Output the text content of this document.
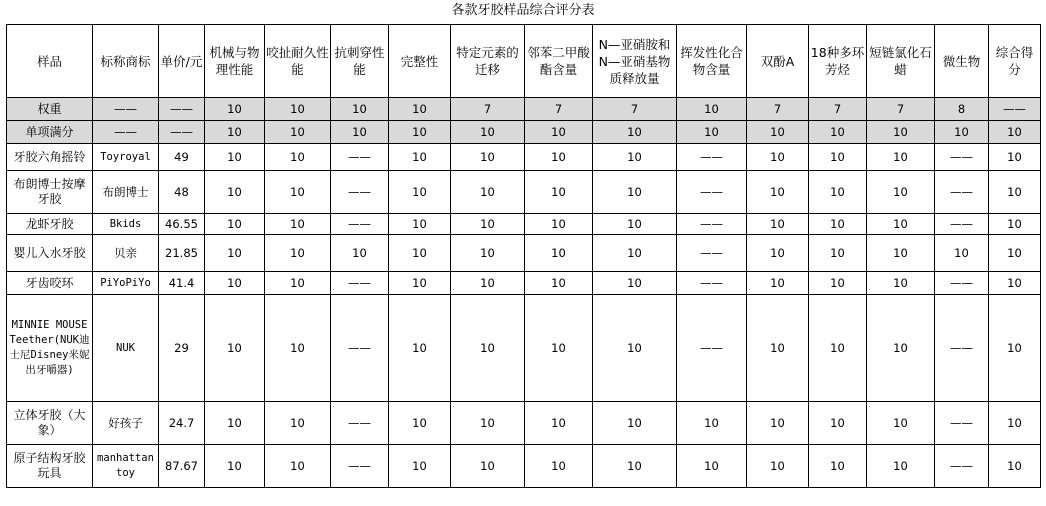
各款牙胶样品综合评分表
样品	标称商标	单价/元	机械与物理性能	咬扯耐久性能	抗刺穿性能	完整性	特定元素的迁移	邻苯二甲酸酯含量	N—亚硝胺和N—亚硝基物质释放量	挥发性化合物含量	双酚A	18种多环芳烃	短链氯化石蜡	微生物	综合得分
权重	——	——	10	10	10	10	7	7	7	10	7	7	7	8	——
单项满分	——	——	10	10	10	10	10	10	10	10	10	10	10	10	10
牙胶六角摇铃	Toyroyal	49	10	10	——	10	10	10	10	——	10	10	10	——	10
布朗博士按摩牙胶	布朗博士	48	10	10	——	10	10	10	10	——	10	10	10	——	10
龙虾牙胶	Bkids	46.55	10	10	——	10	10	10	10	——	10	10	10	——	10
婴儿入水牙胶	贝亲	21.85	10	10	10	10	10	10	10	——	10	10	10	10	10
牙齿咬环	PiYoPiYo	41.4	10	10	——	10	10	10	10	——	10	10	10	——	10
MINNIE MOUSE Teether(NUK迪士尼Disney米妮出牙嚼器)	NUK	29	10	10	——	10	10	10	10	——	10	10	10	——	10
立体牙胶（大象）	好孩子	24.7	10	10	——	10	10	10	10	10	10	10	10	——	10
原子结构牙胶玩具	manhattan toy	87.67	10	10	——	10	10	10	10	10	10	10	10	——	10
